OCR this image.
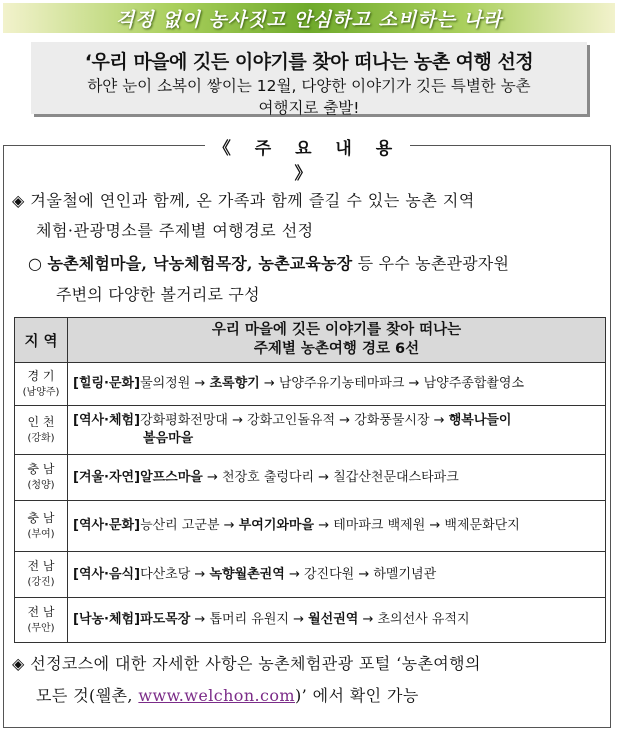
걱정 없이 농사짓고 안심하고 소비하는 나라
‘우리 마을에 깃든 이야기를 찾아 떠나는 농촌 여행 선정
하얀 눈이 소복이 쌓이는 12월, 다양한 이야기가 깃든 특별한 농촌
여행지로 출발!
《 주 요 내 용 》
◈ 겨울철에 연인과 함께, 온 가족과 함께 즐길 수 있는 농촌 지역
체험·관광명소를 주제별 여행경로 선정
○ 농촌체험마을, 낙농체험목장, 농촌교육농장 등 우수 농촌관광자원
주변의 다양한 볼거리로 구성
지 역	우리 마을에 깃든 이야기를 찾아 떠나는
주제별 농촌여행 경로 6선
경 기
(남양주)	[힐링·문화]물의정원 → 초록향기 → 남양주유기농테마파크 → 남양주종합촬영소
인 천
(강화)	[역사·체험]강화평화전망대 → 강화고인돌유적 → 강화풍물시장 → 행복나들이
볼음마을
충 남
(청양)	[겨울·자연]알프스마을 → 천장호 출렁다리 → 칠갑산천문대스타파크
충 남
(부여)	[역사·문화]능산리 고군분 → 부여기와마을 → 테마파크 백제원 → 백제문화단지
전 남
(강진)	[역사·음식]다산초당 → 녹향월촌권역 → 강진다원 → 하멜기념관
전 남
(무안)	[낙농·체험]파도목장 → 톱머리 유원지 → 월선권역 → 초의선사 유적지
◈ 선정코스에 대한 자세한 사항은 농촌체험관광 포털 ‘농촌여행의
모든 것(웰촌, www.welchon.com)’ 에서 확인 가능
